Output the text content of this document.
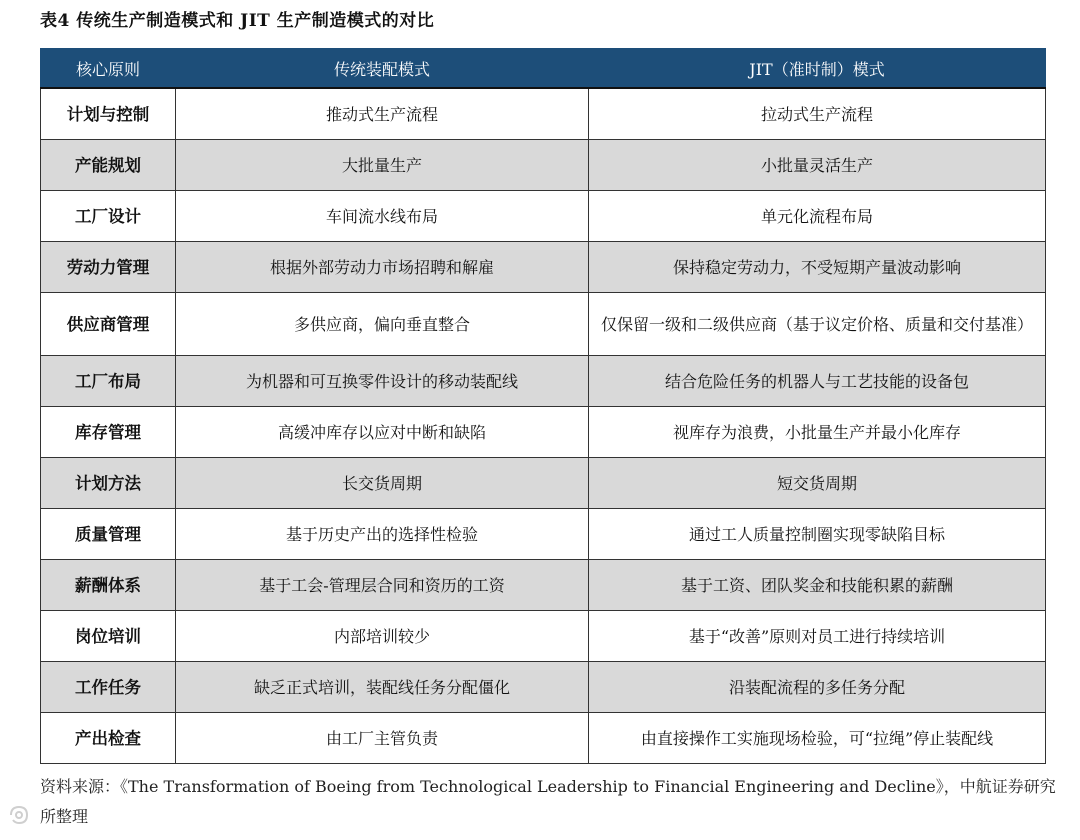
表4 传统生产制造模式和 JIT 生产制造模式的对比
核心原则	传统装配模式	JIT（准时制）模式
计划与控制	推动式生产流程	拉动式生产流程
产能规划	大批量生产	小批量灵活生产
工厂设计	车间流水线布局	单元化流程布局
劳动力管理	根据外部劳动力市场招聘和解雇	保持稳定劳动力，不受短期产量波动影响
供应商管理	多供应商，偏向垂直整合	仅保留一级和二级供应商（基于议定价格、质量和交付基准）
工厂布局	为机器和可互换零件设计的移动装配线	结合危险任务的机器人与工艺技能的设备包
库存管理	高缓冲库存以应对中断和缺陷	视库存为浪费，小批量生产并最小化库存
计划方法	长交货周期	短交货周期
质量管理	基于历史产出的选择性检验	通过工人质量控制圈实现零缺陷目标
薪酬体系	基于工会-管理层合同和资历的工资	基于工资、团队奖金和技能积累的薪酬
岗位培训	内部培训较少	基于“改善”原则对员工进行持续培训
工作任务	缺乏正式培训，装配线任务分配僵化	沿装配流程的多任务分配
产出检查	由工厂主管负责	由直接操作工实施现场检验，可“拉绳”停止装配线
资料来源：《The Transformation of Boeing from Technological Leadership to Financial Engineering and Decline》，中航证券研究所整理
